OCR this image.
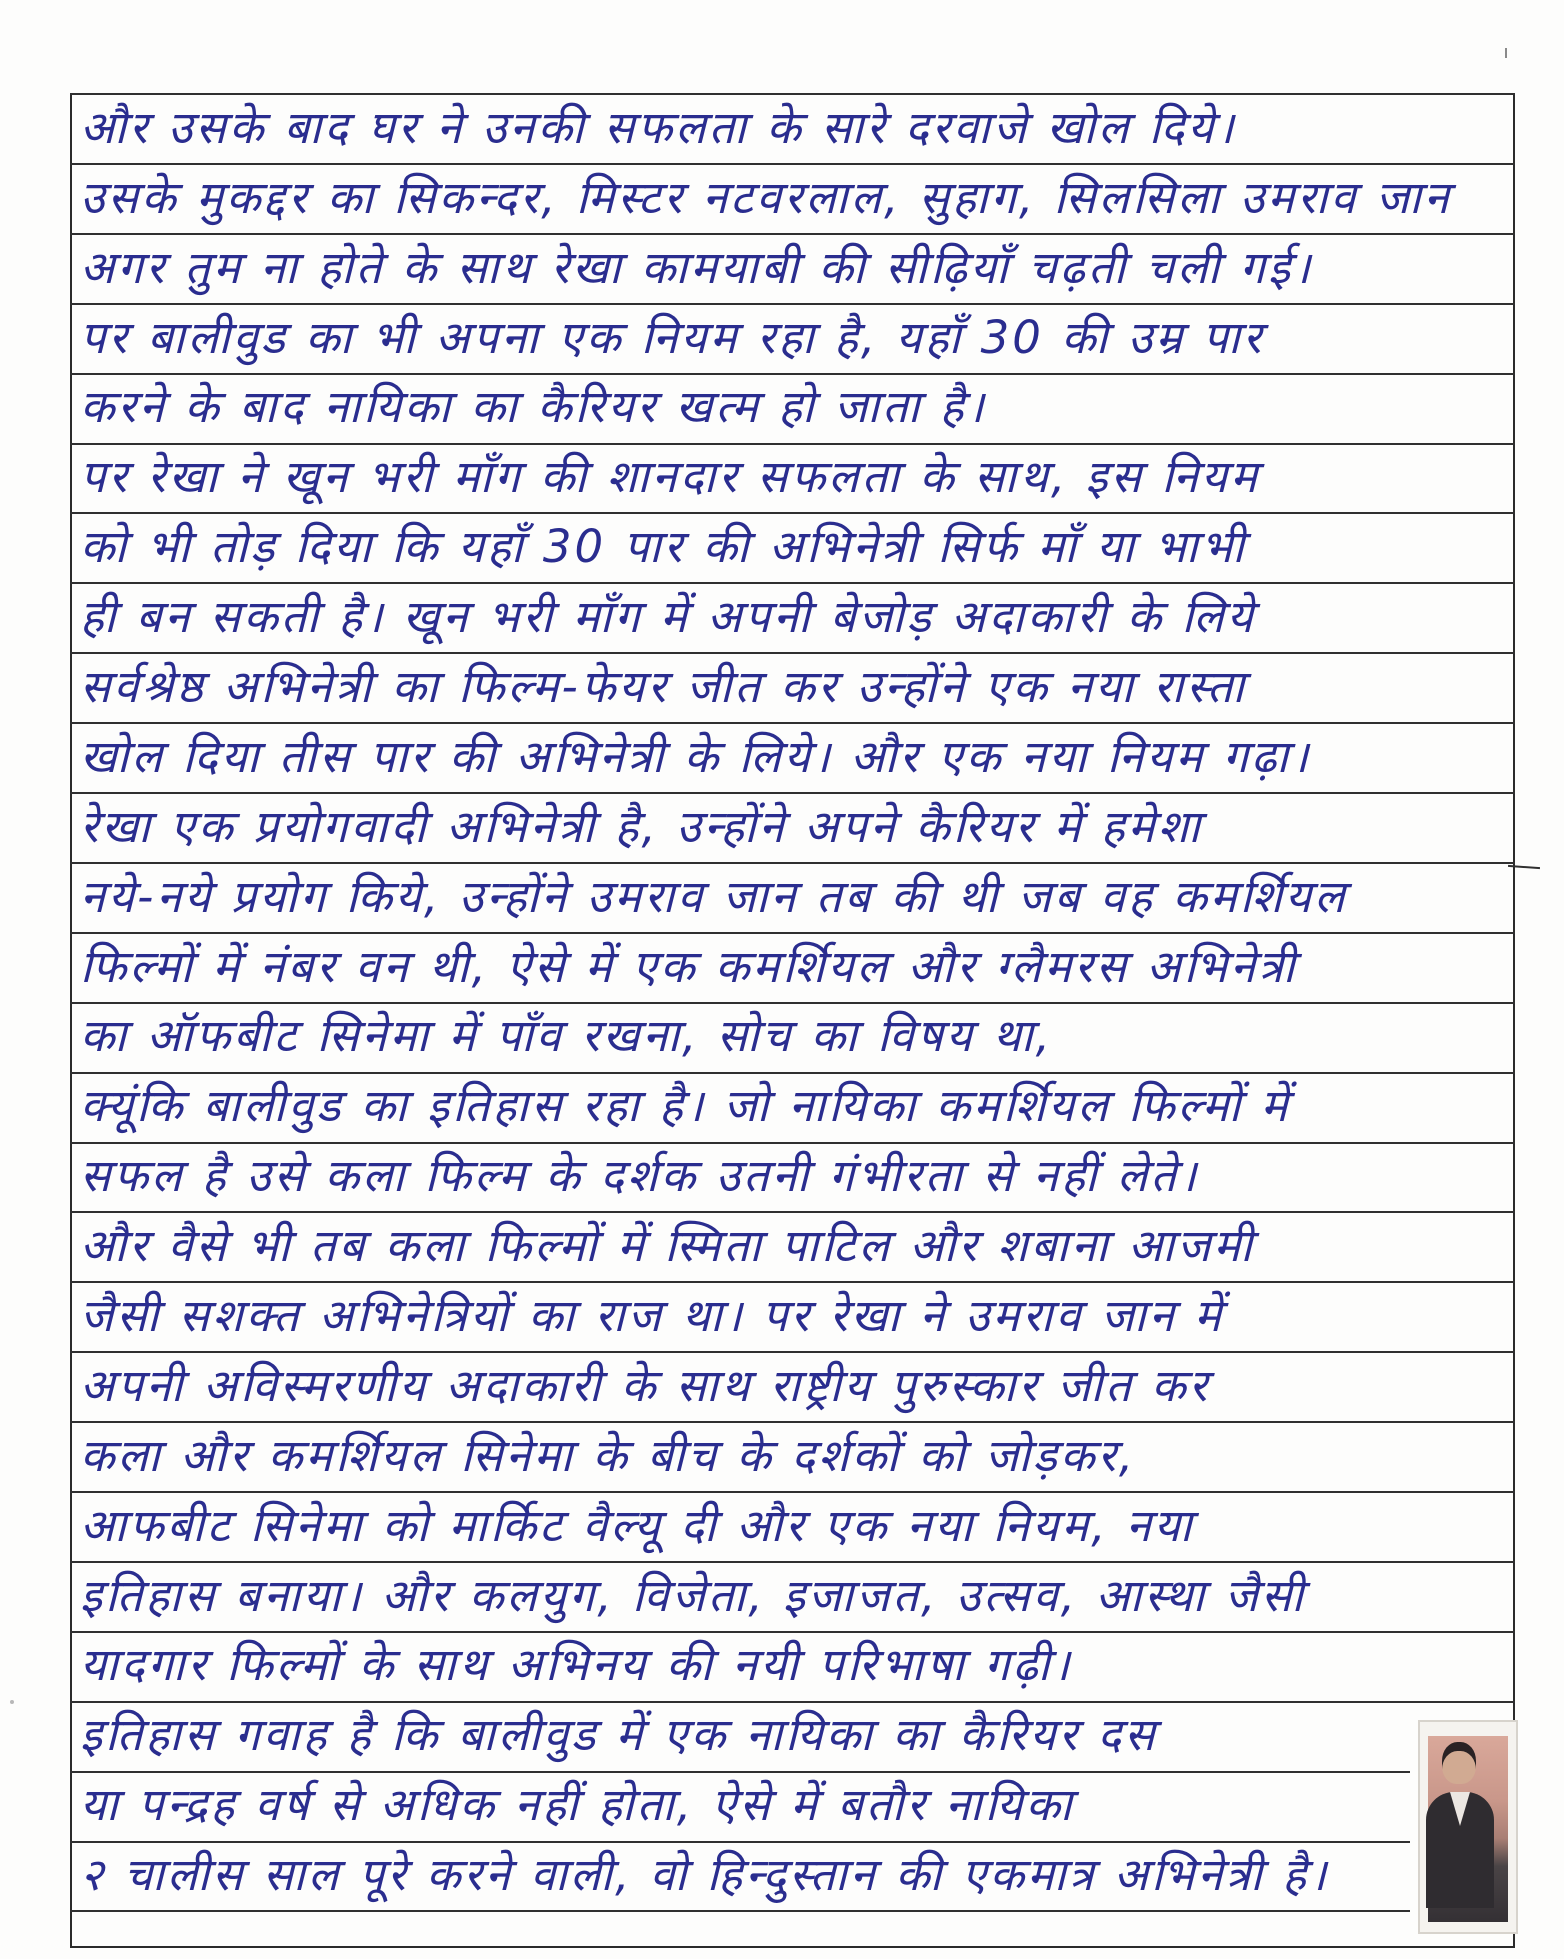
और उसके बाद घर ने उनकी सफलता के सारे दरवाजे खोल दिये।
उसके मुकद्दर का सिकन्दर, मिस्टर नटवरलाल, सुहाग, सिलसिला उमराव जान
अगर तुम ना होते के साथ रेखा कामयाबी की सीढ़ियाँ चढ़ती चली गई।
पर बालीवुड का भी अपना एक नियम रहा है, यहाँ 30 की उम्र पार
करने के बाद नायिका का कैरियर खत्म हो जाता है।
पर रेखा ने खून भरी माँग की शानदार सफलता के साथ, इस नियम
को भी तोड़ दिया कि यहाँ 30 पार की अभिनेत्री सिर्फ माँ या भाभी
ही बन सकती है। खून भरी माँग में अपनी बेजोड़ अदाकारी के लिये
सर्वश्रेष्ठ अभिनेत्री का फिल्म-फेयर जीत कर उन्होंने एक नया रास्ता
खोल दिया तीस पार की अभिनेत्री के लिये। और एक नया नियम गढ़ा।
रेखा एक प्रयोगवादी अभिनेत्री है, उन्होंने अपने कैरियर में हमेशा
नये-नये प्रयोग किये, उन्होंने उमराव जान तब की थी जब वह कमर्शियल
फिल्मों में नंबर वन थी, ऐसे में एक कमर्शियल और ग्लैमरस अभिनेत्री
का ऑफबीट सिनेमा में पाँव रखना, सोच का विषय था,
क्यूंकि बालीवुड का इतिहास रहा है। जो नायिका कमर्शियल फिल्मों में
सफल है उसे कला फिल्म के दर्शक उतनी गंभीरता से नहीं लेते।
और वैसे भी तब कला फिल्मों में स्मिता पाटिल और शबाना आजमी
जैसी सशक्त अभिनेत्रियों का राज था। पर रेखा ने उमराव जान में
अपनी अविस्मरणीय अदाकारी के साथ राष्ट्रीय पुरुस्कार जीत कर
कला और कमर्शियल सिनेमा के बीच के दर्शकों को जोड़कर,
आफबीट सिनेमा को मार्किट वैल्यू दी और एक नया नियम, नया
इतिहास बनाया। और कलयुग, विजेता, इजाजत, उत्सव, आस्था जैसी
यादगार फिल्मों के साथ अभिनय की नयी परिभाषा गढ़ी।
इतिहास गवाह है कि बालीवुड में एक नायिका का कैरियर दस
या पन्द्रह वर्ष से अधिक नहीं होता, ऐसे में बतौर नायिका
२ चालीस साल पूरे करने वाली, वो हिन्दुस्तान की एकमात्र अभिनेत्री है।
